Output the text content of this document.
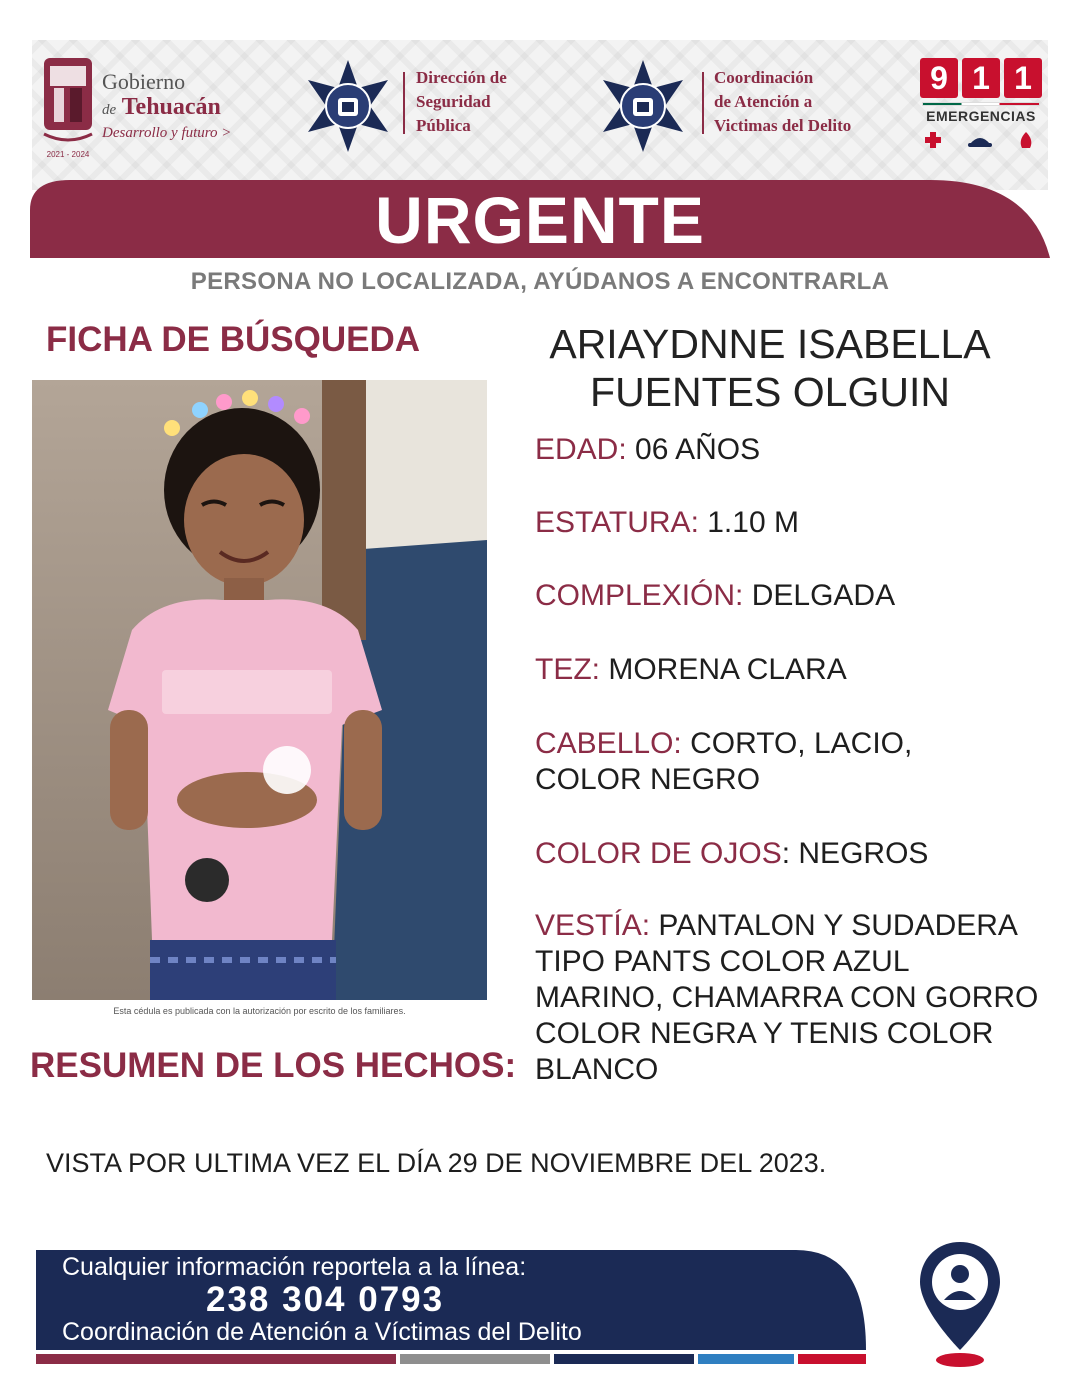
2021 - 2024
Gobierno
de Tehuacán
Desarrollo y futuro >
Dirección de
Seguridad
Pública
Coordinación
de Atención a
Victimas del Delito
9 1 1
EMERGENCIAS
URGENTE
PERSONA NO LOCALIZADA, AYÚDANOS A ENCONTRARLA
FICHA DE BÚSQUEDA
Esta cédula es publicada con la autorización por escrito de los familiares.
ARIAYDNNE ISABELLA
FUENTES OLGUIN
EDAD: 06 AÑOS
ESTATURA: 1.10 M
COMPLEXIÓN: DELGADA
TEZ: MORENA CLARA
CABELLO: CORTO, LACIO, COLOR NEGRO
COLOR DE OJOS: NEGROS
VESTÍA: PANTALON Y SUDADERA TIPO PANTS COLOR AZUL MARINO, CHAMARRA CON GORRO COLOR NEGRA Y TENIS COLOR BLANCO
RESUMEN DE LOS HECHOS:
VISTA POR ULTIMA VEZ EL DÍA 29 DE NOVIEMBRE DEL 2023.
Cualquier información reportela a la línea:
238 304 0793
Coordinación de Atención a Víctimas del Delito
